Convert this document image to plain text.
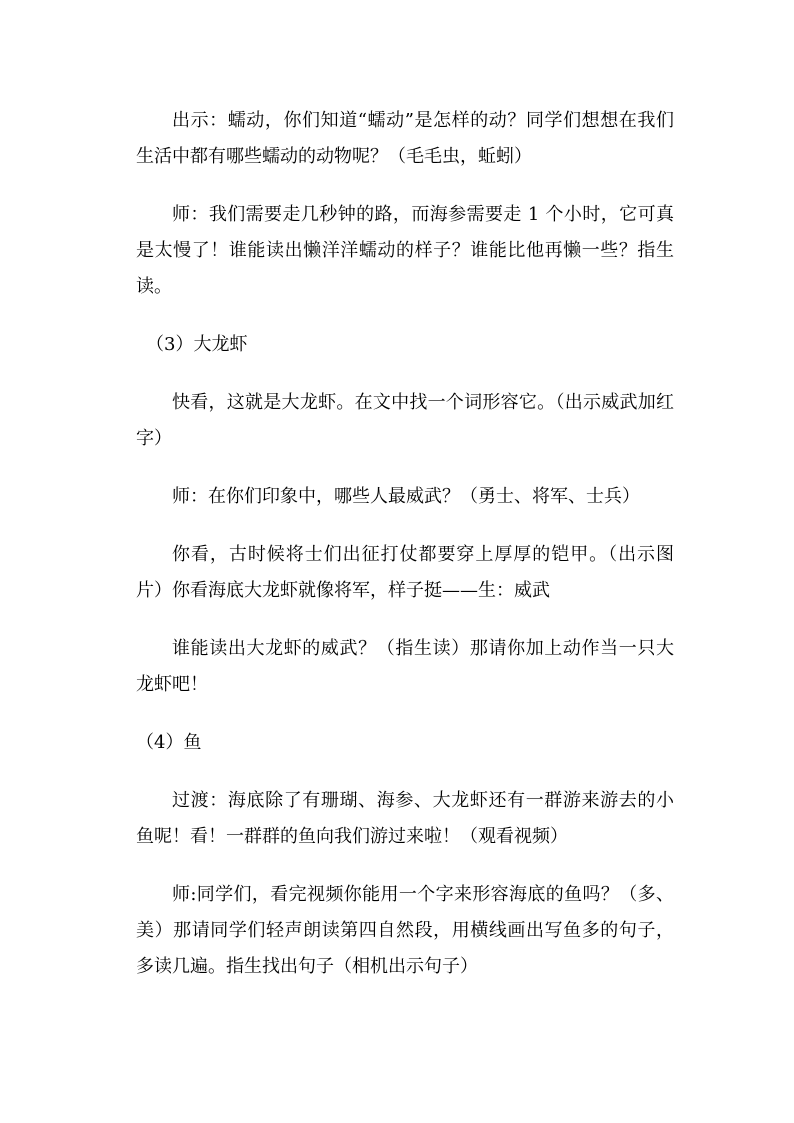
出示：蠕动，你们知道“蠕动”是怎样的动？同学们想想在我们生活中都有哪些蠕动的动物呢？（毛毛虫，蚯蚓）

师：我们需要走几秒钟的路，而海参需要走 1 个小时，它可真是太慢了！谁能读出懒洋洋蠕动的样子？谁能比他再懒一些？指生读。

（3）大龙虾

快看，这就是大龙虾。在文中找一个词形容它。（出示威武加红字）

师：在你们印象中，哪些人最威武？（勇士、将军、士兵）

你看，古时候将士们出征打仗都要穿上厚厚的铠甲。（出示图片）你看海底大龙虾就像将军，样子挺——生：威武

谁能读出大龙虾的威武？（指生读）那请你加上动作当一只大龙虾吧！

（4）鱼

过渡：海底除了有珊瑚、海参、大龙虾还有一群游来游去的小鱼呢！看！一群群的鱼向我们游过来啦！（观看视频）

师:同学们，看完视频你能用一个字来形容海底的鱼吗？（多、美）那请同学们轻声朗读第四自然段，用横线画出写鱼多的句子，多读几遍。指生找出句子（相机出示句子）
